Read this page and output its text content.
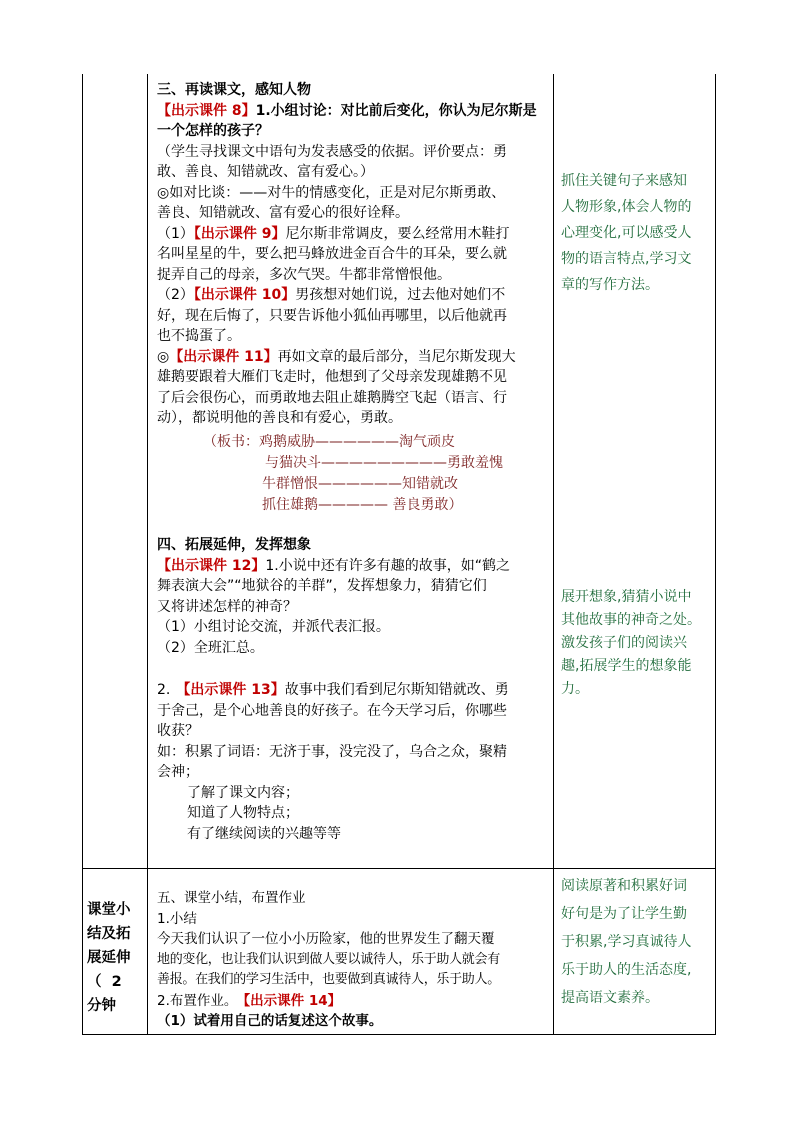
三、再读课文，感知人物
【出示课件 8】1.小组讨论：对比前后变化，你认为尼尔斯是
一个怎样的孩子？
（学生寻找课文中语句为发表感受的依据。评价要点：勇
敢、善良、知错就改、富有爱心。）
◎如对比谈：——对牛的情感变化，正是对尼尔斯勇敢、
善良、知错就改、富有爱心的很好诠释。
（1）【出示课件 9】尼尔斯非常调皮，要么经常用木鞋打
名叫星星的牛，要么把马蜂放进金百合牛的耳朵，要么就
捉弄自己的母亲，多次气哭。牛都非常憎恨他。
（2）【出示课件 10】男孩想对她们说，过去他对她们不
好，现在后悔了，只要告诉他小狐仙再哪里，以后他就再
也不捣蛋了。
◎【出示课件 11】再如文章的最后部分，当尼尔斯发现大
雄鹅要跟着大雁们飞走时，他想到了父母亲发现雄鹅不见
了后会很伤心，而勇敢地去阻止雄鹅腾空飞起（语言、行
动），都说明他的善良和有爱心，勇敢。
（板书：鸡鹅威胁——————淘气顽皮
与猫决斗—————————勇敢羞愧
牛群憎恨——————知错就改
抓住雄鹅————— 善良勇敢）
四、拓展延伸，发挥想象
【出示课件 12】1.小说中还有许多有趣的故事，如“鹤之
舞表演大会”“地狱谷的羊群”，发挥想象力，猜猜它们
又将讲述怎样的神奇？
（1）小组讨论交流，并派代表汇报。
（2）全班汇总。
2. 【出示课件 13】故事中我们看到尼尔斯知错就改、勇
于舍己，是个心地善良的好孩子。在今天学习后，你哪些
收获？
如：积累了词语：无济于事，没完没了，乌合之众，聚精
会神；
了解了课文内容；
知道了人物特点；
有了继续阅读的兴趣等等
抓住关键句子来感知
人物形象,体会人物的
心理变化,可以感受人
物的语言特点,学习文
章的写作方法。
展开想象,猜猜小说中
其他故事的神奇之处。
激发孩子们的阅读兴
趣,拓展学生的想象能
力。
阅读原著和积累好词
好句是为了让学生勤
于积累,学习真诚待人
乐于助人的生活态度,
提高语文素养。
课堂小
结及拓
展延伸
（  2
分钟
五、课堂小结，布置作业
1.小结
今天我们认识了一位小小历险家，他的世界发生了翻天覆
地的变化，也让我们认识到做人要以诚待人，乐于助人就会有
善报。在我们的学习生活中，也要做到真诚待人，乐于助人。
2.布置作业。 【出示课件 14】
（1）试着用自己的话复述这个故事。
